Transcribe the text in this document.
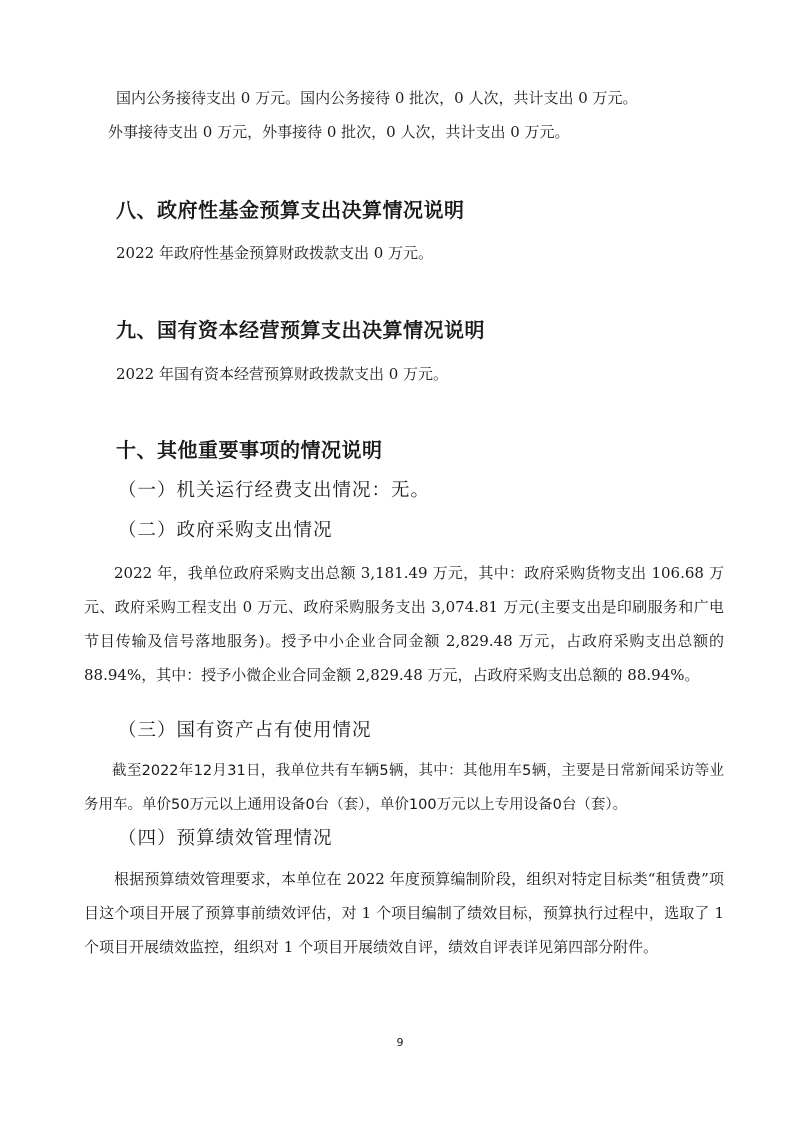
国内公务接待支出 0 万元。国内公务接待 0 批次，0 人次，共计支出 0 万元。
外事接待支出 0 万元，外事接待 0 批次，0 人次，共计支出 0 万元。
八、政府性基金预算支出决算情况说明
2022 年政府性基金预算财政拨款支出 0 万元。
九、国有资本经营预算支出决算情况说明
2022 年国有资本经营预算财政拨款支出 0 万元。
十、其他重要事项的情况说明
（一）机关运行经费支出情况：无。
（二）政府采购支出情况
2022 年，我单位政府采购支出总额 3,181.49 万元，其中：政府采购货物支出 106.68 万元、政府采购工程支出 0 万元、政府采购服务支出 3,074.81 万元(主要支出是印刷服务和广电节目传输及信号落地服务)。授予中小企业合同金额 2,829.48 万元，占政府采购支出总额的 88.94%，其中：授予小微企业合同金额 2,829.48 万元，占政府采购支出总额的 88.94%。
（三）国有资产占有使用情况
截至2022年12月31日，我单位共有车辆5辆，其中：其他用车5辆，主要是日常新闻采访等业务用车。单价50万元以上通用设备0台（套），单价100万元以上专用设备0台（套）。
（四）预算绩效管理情况
根据预算绩效管理要求，本单位在 2022 年度预算编制阶段，组织对特定目标类“租赁费”项目这个项目开展了预算事前绩效评估，对 1 个项目编制了绩效目标，预算执行过程中，选取了 1 个项目开展绩效监控，组织对 1 个项目开展绩效自评，绩效自评表详见第四部分附件。
9
